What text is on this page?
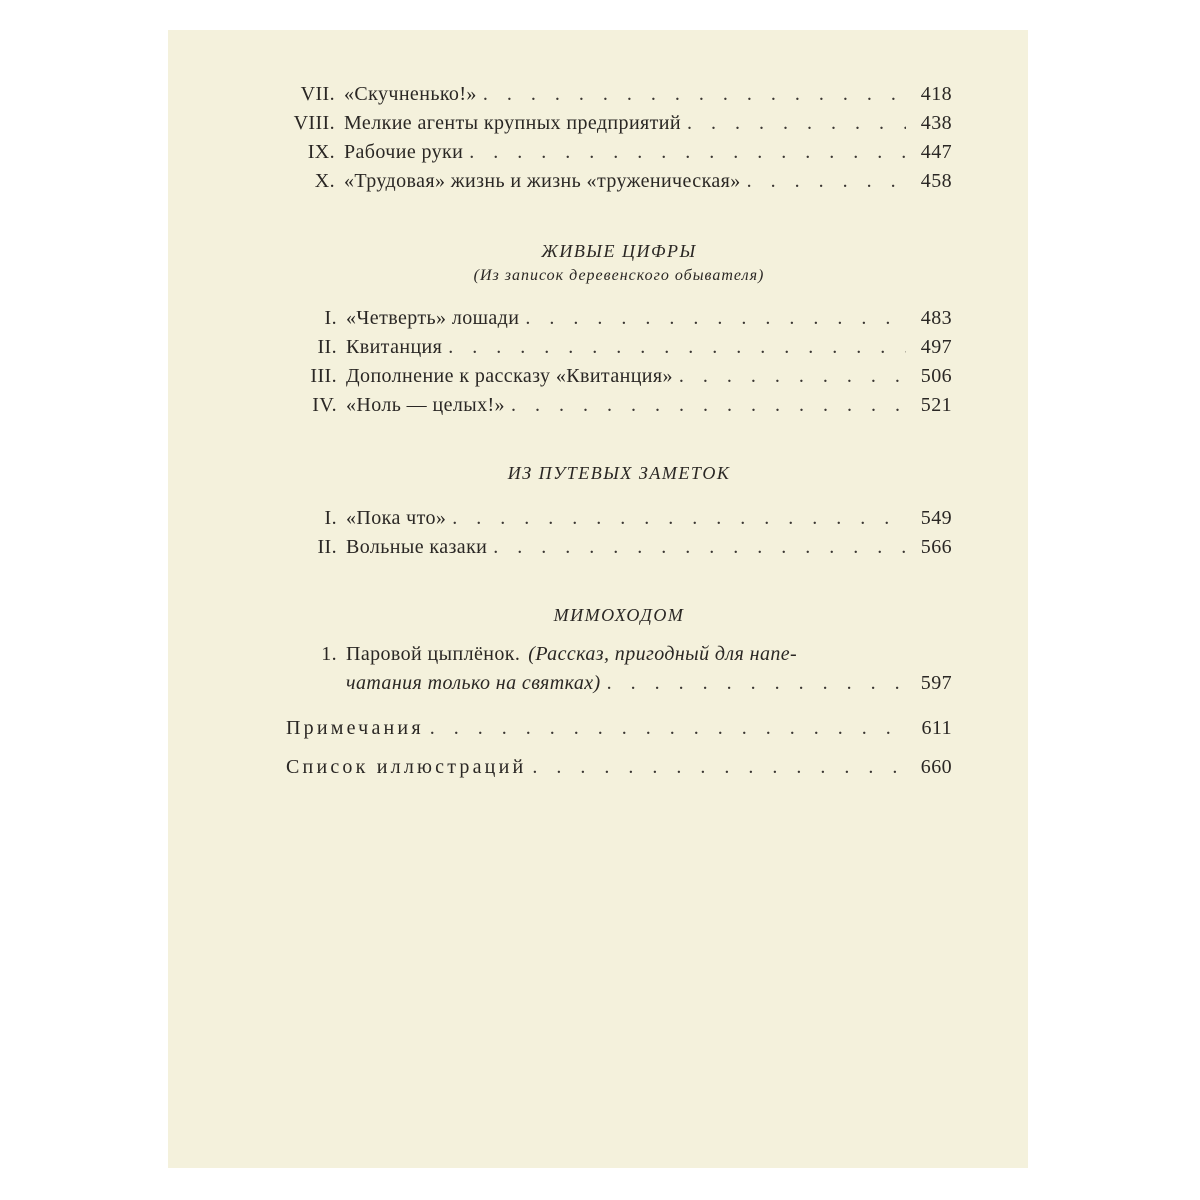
VII. «Скучненько!» . . .	418
VIII. Мелкие агенты крупных предприятий . . .	438
IX. Рабочие руки . . .	447
X. «Трудовая» жизнь и жизнь «труженическая» . . .	458
ЖИВЫЕ ЦИФРЫ
(Из записок деревенского обывателя)
I. «Четверть» лошади . . .	483
II. Квитанция . . .	497
III. Дополнение к рассказу «Квитанция» . . .	506
IV. «Ноль — целых!» . . .	521
ИЗ ПУТЕВЫХ ЗАМЕТОК
I. «Пока что» . . .	549
II. Вольные казаки . . .	566
МИМОХОДОМ
1. Паровой цыплёнок. (Рассказ, пригодный для напе-
чатания только на святках) . . .	597
Примечания . . .	611
Список иллюстраций . . .	660
